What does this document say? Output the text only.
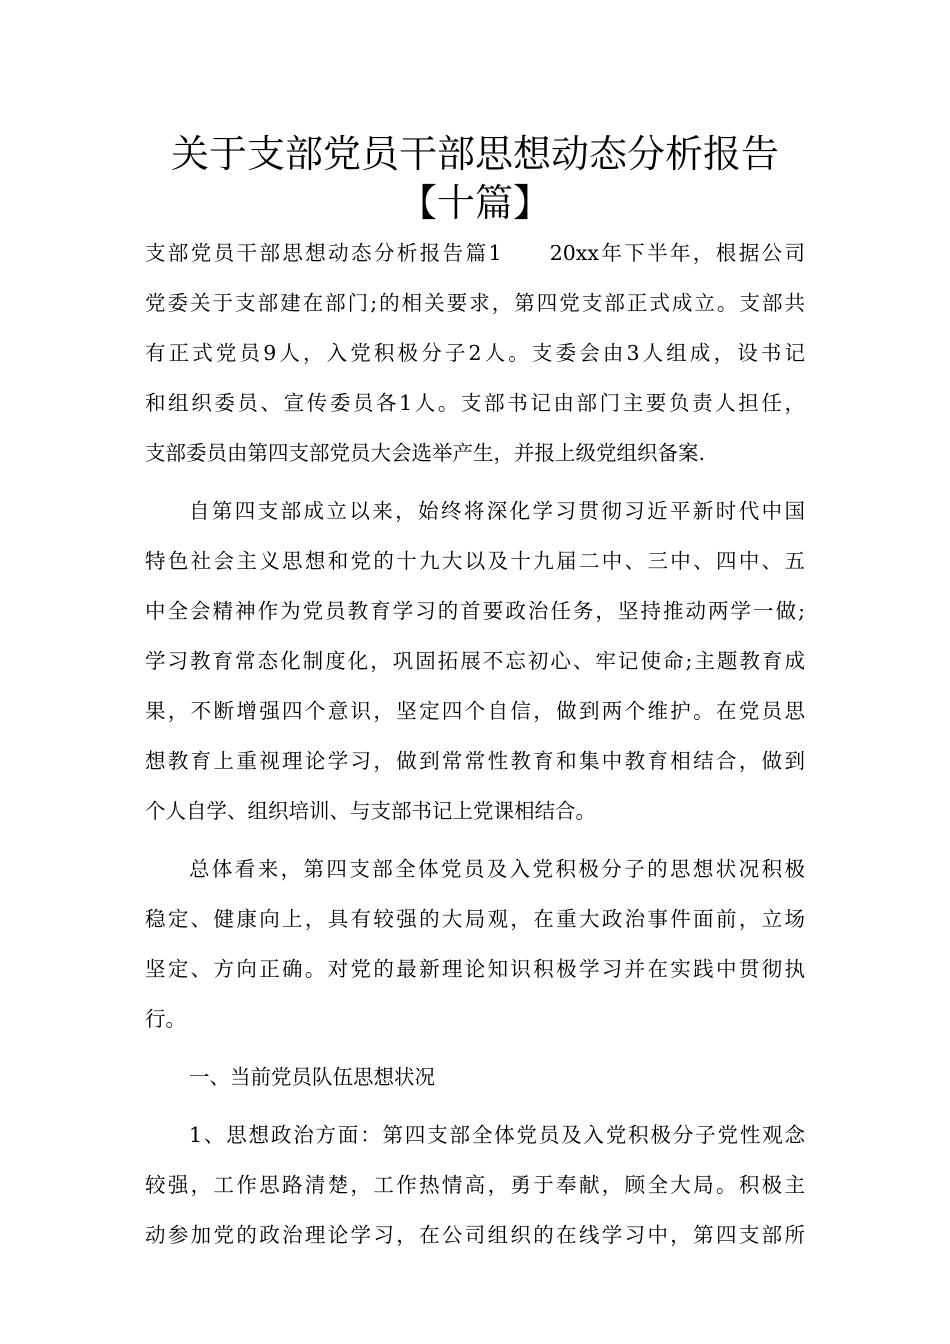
关于支部党员干部思想动态分析报告
【十篇】
支部党员干部思想动态分析报告篇1　　20xx年下半年，根据公司
党委关于支部建在部门;的相关要求，第四党支部正式成立。支部共
有正式党员9人，入党积极分子2人。支委会由3人组成，设书记
和组织委员、宣传委员各1人。支部书记由部门主要负责人担任，
支部委员由第四支部党员大会选举产生，并报上级党组织备案.
自第四支部成立以来，始终将深化学习贯彻习近平新时代中国
特色社会主义思想和党的十九大以及十九届二中、三中、四中、五
中全会精神作为党员教育学习的首要政治任务，坚持推动两学一做;
学习教育常态化制度化，巩固拓展不忘初心、牢记使命;主题教育成
果，不断增强四个意识，坚定四个自信，做到两个维护。在党员思
想教育上重视理论学习，做到常常性教育和集中教育相结合，做到
个人自学、组织培训、与支部书记上党课相结合。
总体看来，第四支部全体党员及入党积极分子的思想状况积极
稳定、健康向上，具有较强的大局观，在重大政治事件面前，立场
坚定、方向正确。对党的最新理论知识积极学习并在实践中贯彻执
行。
一、当前党员队伍思想状况
1、思想政治方面：第四支部全体党员及入党积极分子党性观念
较强，工作思路清楚，工作热情高，勇于奉献，顾全大局。积极主
动参加党的政治理论学习，在公司组织的在线学习中，第四支部所
